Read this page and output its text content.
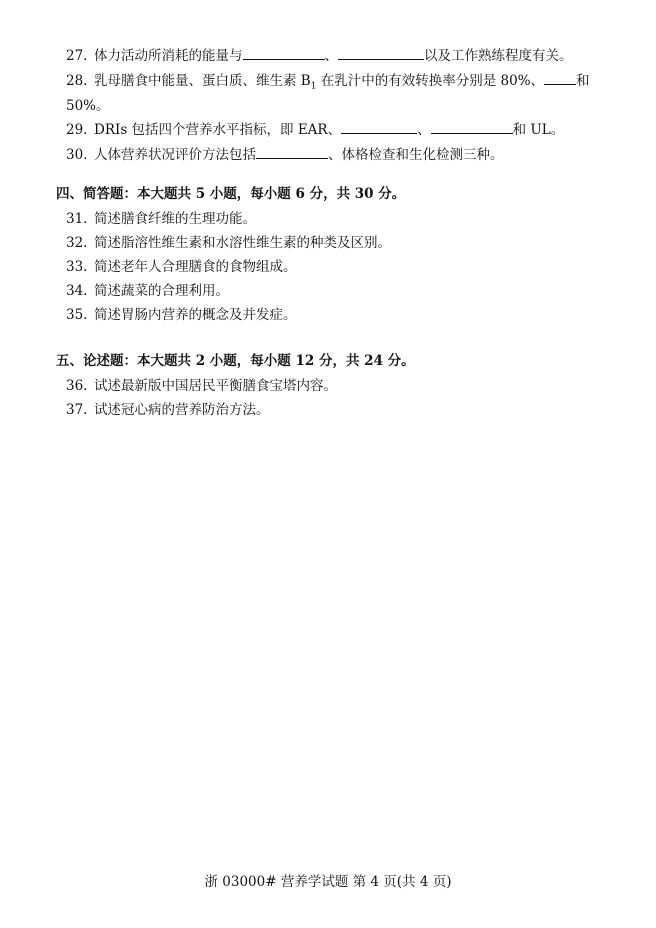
27. 体力活动所消耗的能量与	、	以及工作熟练程度有关。
28. 乳母膳食中能量、蛋白质、维生素 $B_1$ 在乳汁中的有效转换率分别是 80%、 和
50%。
29. DRIs 包括四个营养水平指标，即 EAR、	、	和 UL。
30. 人体营养状况评价方法包括	、体格检查和生化检测三种。
四、简答题：本大题共 5 小题，每小题 6 分，共 30 分。
31. 简述膳食纤维的生理功能。
32. 简述脂溶性维生素和水溶性维生素的种类及区别。
33. 简述老年人合理膳食的食物组成。
34. 简述蔬菜的合理利用。
35. 简述胃肠内营养的概念及并发症。
五、论述题：本大题共 2 小题，每小题 12 分，共 24 分。
36. 试述最新版中国居民平衡膳食宝塔内容。
37. 试述冠心病的营养防治方法。
浙 03000# 营养学试题 第 4 页(共 4 页)
